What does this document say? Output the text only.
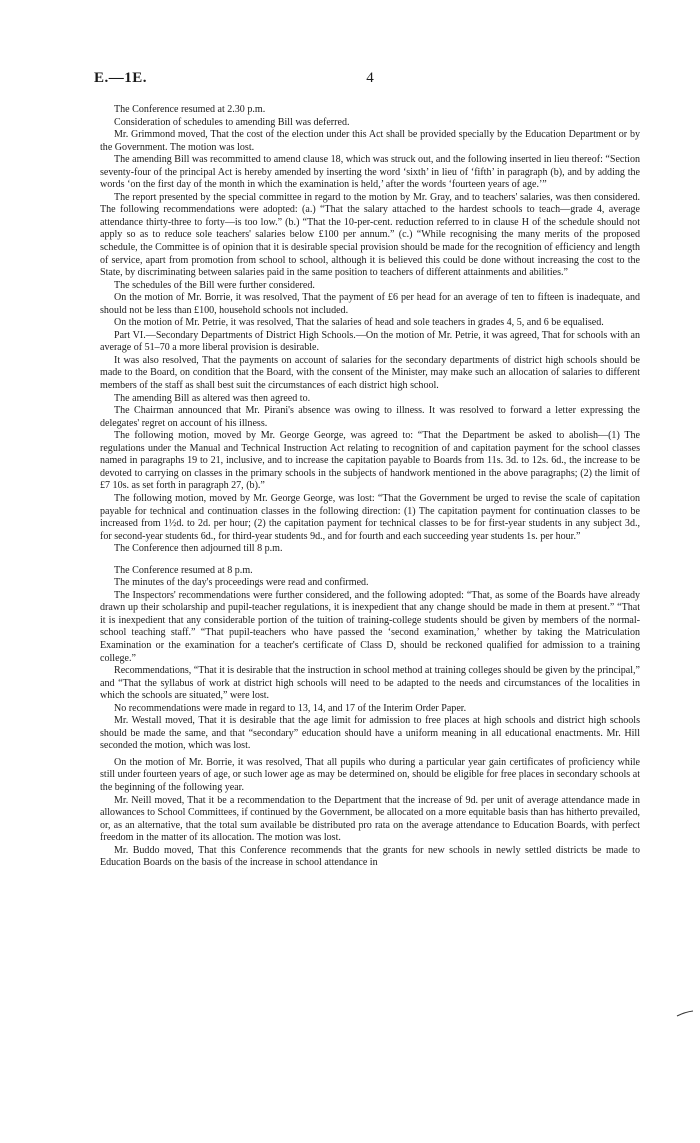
E.—1E.	4

The Conference resumed at 2.30 p.m.

Consideration of schedules to amending Bill was deferred.

Mr. Grimmond moved, That the cost of the election under this Act shall be provided specially by the Education Department or by the Government. The motion was lost.

The amending Bill was recommitted to amend clause 18, which was struck out, and the following inserted in lieu thereof: “Section seventy-four of the principal Act is hereby amended by inserting the word ‘sixth’ in lieu of ‘fifth’ in paragraph (b), and by adding the words ‘on the first day of the month in which the examination is held,’ after the words ‘fourteen years of age.’”

The report presented by the special committee in regard to the motion by Mr. Gray, and to teachers' salaries, was then considered. The following recommendations were adopted: (a.) “That the salary attached to the hardest schools to teach—grade 4, average attendance thirty-three to forty—is too low.” (b.) “That the 10-per-cent. reduction referred to in clause H of the schedule should not apply so as to reduce sole teachers' salaries below £100 per annum.” (c.) “While recognising the many merits of the proposed schedule, the Committee is of opinion that it is desirable special provision should be made for the recognition of efficiency and length of service, apart from promotion from school to school, although it is believed this could be done without increasing the cost to the State, by discriminating between salaries paid in the same position to teachers of different attainments and abilities.”

The schedules of the Bill were further considered.

On the motion of Mr. Borrie, it was resolved, That the payment of £6 per head for an average of ten to fifteen is inadequate, and should not be less than £100, household schools not included.

On the motion of Mr. Petrie, it was resolved, That the salaries of head and sole teachers in grades 4, 5, and 6 be equalised.

Part VI.—Secondary Departments of District High Schools.—On the motion of Mr. Petrie, it was agreed, That for schools with an average of 51–70 a more liberal provision is desirable.

It was also resolved, That the payments on account of salaries for the secondary departments of district high schools should be made to the Board, on condition that the Board, with the consent of the Minister, may make such an allocation of salaries to different members of the staff as shall best suit the circumstances of each district high school.

The amending Bill as altered was then agreed to.

The Chairman announced that Mr. Pirani's absence was owing to illness. It was resolved to forward a letter expressing the delegates' regret on account of his illness.

The following motion, moved by Mr. George George, was agreed to: “That the Department be asked to abolish—(1) The regulations under the Manual and Technical Instruction Act relating to recognition of and capitation payment for the school classes named in paragraphs 19 to 21, inclusive, and to increase the capitation payable to Boards from 11s. 3d. to 12s. 6d., the increase to be devoted to carrying on classes in the primary schools in the subjects of handwork mentioned in the above paragraphs; (2) the limit of £7 10s. as set forth in paragraph 27, (b).”

The following motion, moved by Mr. George George, was lost: “That the Government be urged to revise the scale of capitation payable for technical and continuation classes in the following direction: (1) The capitation payment for continuation classes to be increased from 1½d. to 2d. per hour; (2) the capitation payment for technical classes to be for first-year students in any subject 3d., for second-year students 6d., for third-year students 9d., and for fourth and each succeeding year students 1s. per hour.”

The Conference then adjourned till 8 p.m.

The Conference resumed at 8 p.m.

The minutes of the day's proceedings were read and confirmed.

The Inspectors' recommendations were further considered, and the following adopted: “That, as some of the Boards have already drawn up their scholarship and pupil-teacher regulations, it is inexpedient that any change should be made in them at present.” “That it is inexpedient that any considerable portion of the tuition of training-college students should be given by members of the normal-school teaching staff.” “That pupil-teachers who have passed the ‘second examination,’ whether by taking the Matriculation Examination or the examination for a teacher's certificate of Class D, should be reckoned qualified for admission to a training college.”

Recommendations, “That it is desirable that the instruction in school method at training colleges should be given by the principal,” and “That the syllabus of work at district high schools will need to be adapted to the needs and circumstances of the localities in which the schools are situated,” were lost.

No recommendations were made in regard to 13, 14, and 17 of the Interim Order Paper.

Mr. Westall moved, That it is desirable that the age limit for admission to free places at high schools and district high schools should be made the same, and that “secondary” education should have a uniform meaning in all educational enactments. Mr. Hill seconded the motion, which was lost.

On the motion of Mr. Borrie, it was resolved, That all pupils who during a particular year gain certificates of proficiency while still under fourteen years of age, or such lower age as may be determined on, should be eligible for free places in secondary schools at the beginning of the following year.

Mr. Neill moved, That it be a recommendation to the Department that the increase of 9d. per unit of average attendance made in allowances to School Committees, if continued by the Government, be allocated on a more equitable basis than has hitherto prevailed, or, as an alternative, that the total sum available be distributed pro rata on the average attendance to Education Boards, with perfect freedom in the matter of its allocation. The motion was lost.

Mr. Buddo moved, That this Conference recommends that the grants for new schools in newly settled districts be made to Education Boards on the basis of the increase in school attendance in
